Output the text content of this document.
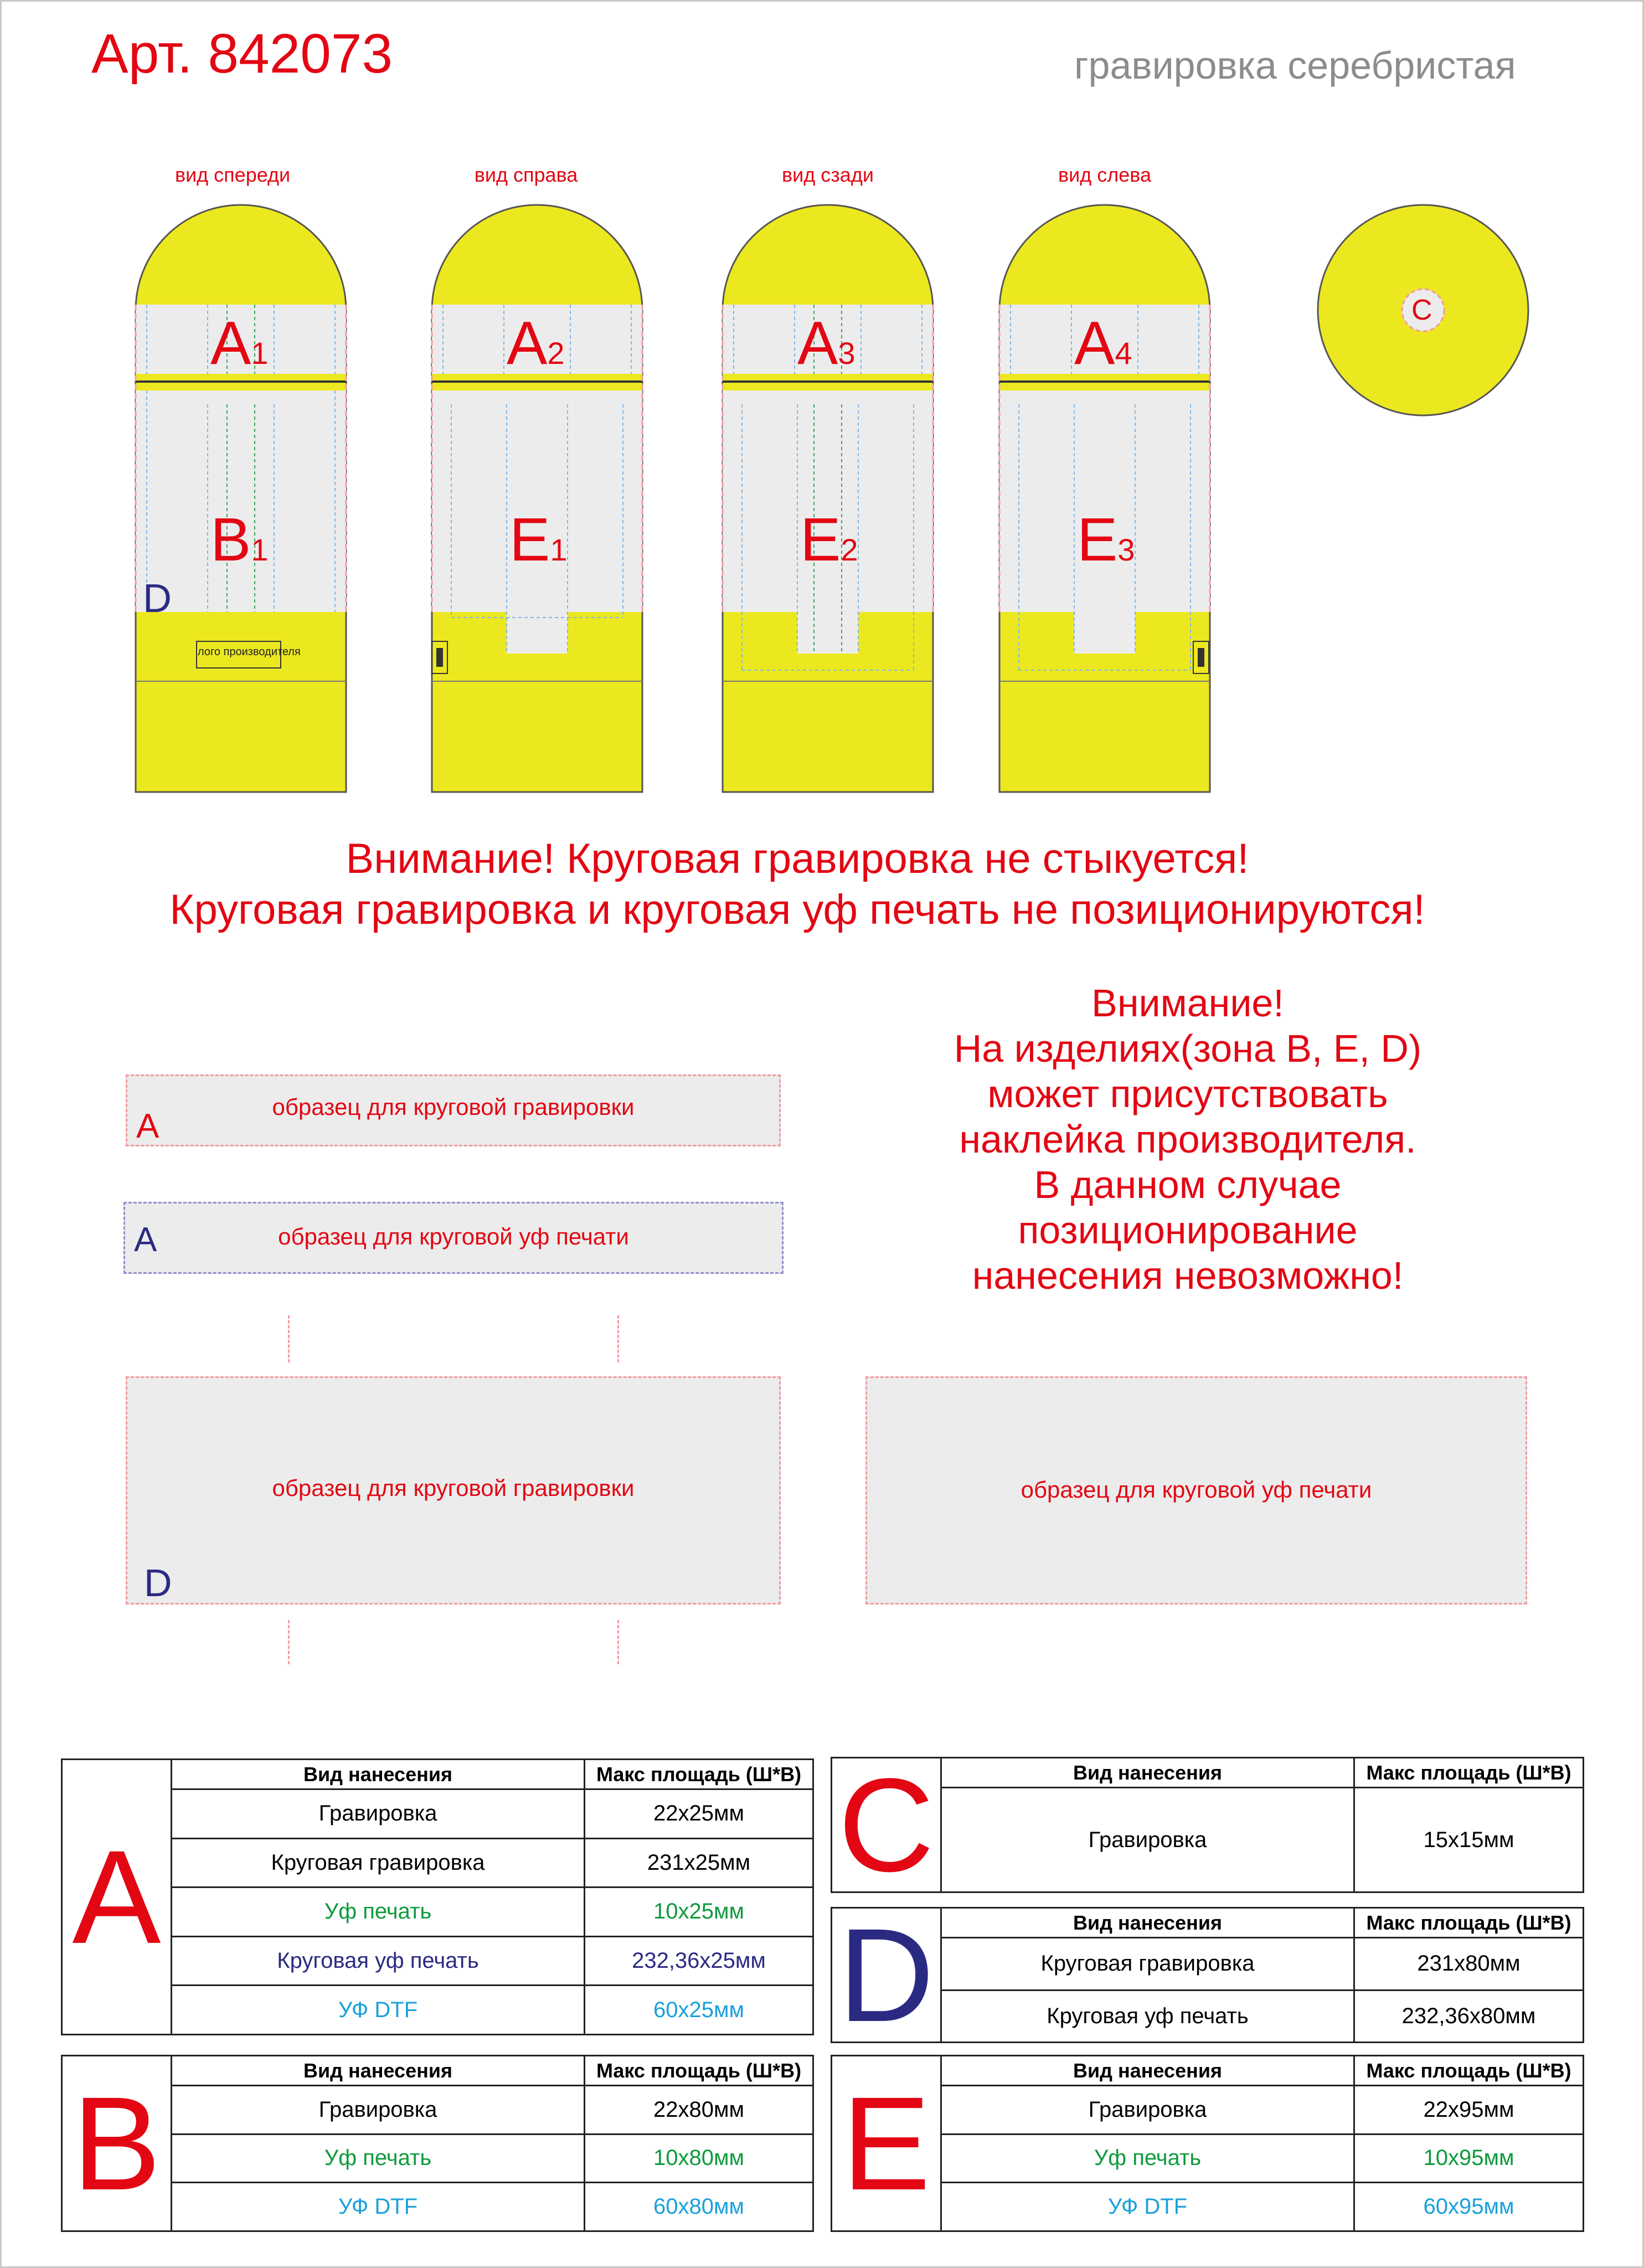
Арт. 842073	гравировка серебристая
вид спереди	вид справа	вид сзади	вид слева
A1	A2	A3	A4
B1	E1	E2	E3
D
C
лого производителя
Внимание! Круговая гравировка не стыкуется!
Круговая гравировка и круговая уф печать не позиционируются!
Внимание!
На изделиях(зона B, E, D)
может присутствовать
наклейка производителя.
В данном случае
позиционирование
нанесения невозможно!
образец для круговой гравировки
A
образец для круговой уф печати
A
образец для круговой гравировки
D
образец для круговой уф печати
A	Вид нанесения	Макс площадь (Ш*В)
	Гравировка	22x25мм
	Круговая гравировка	231x25мм
	Уф печать	10x25мм
	Круговая уф печать	232,36x25мм
	УФ DTF	60x25мм
B	Вид нанесения	Макс площадь (Ш*В)
	Гравировка	22x80мм
	Уф печать	10x80мм
	УФ DTF	60x80мм
C	Вид нанесения	Макс площадь (Ш*В)
	Гравировка	15x15мм
D	Вид нанесения	Макс площадь (Ш*В)
	Круговая гравировка	231x80мм
	Круговая уф печать	232,36x80мм
E	Вид нанесения	Макс площадь (Ш*В)
	Гравировка	22x95мм
	Уф печать	10x95мм
	УФ DTF	60x95мм
